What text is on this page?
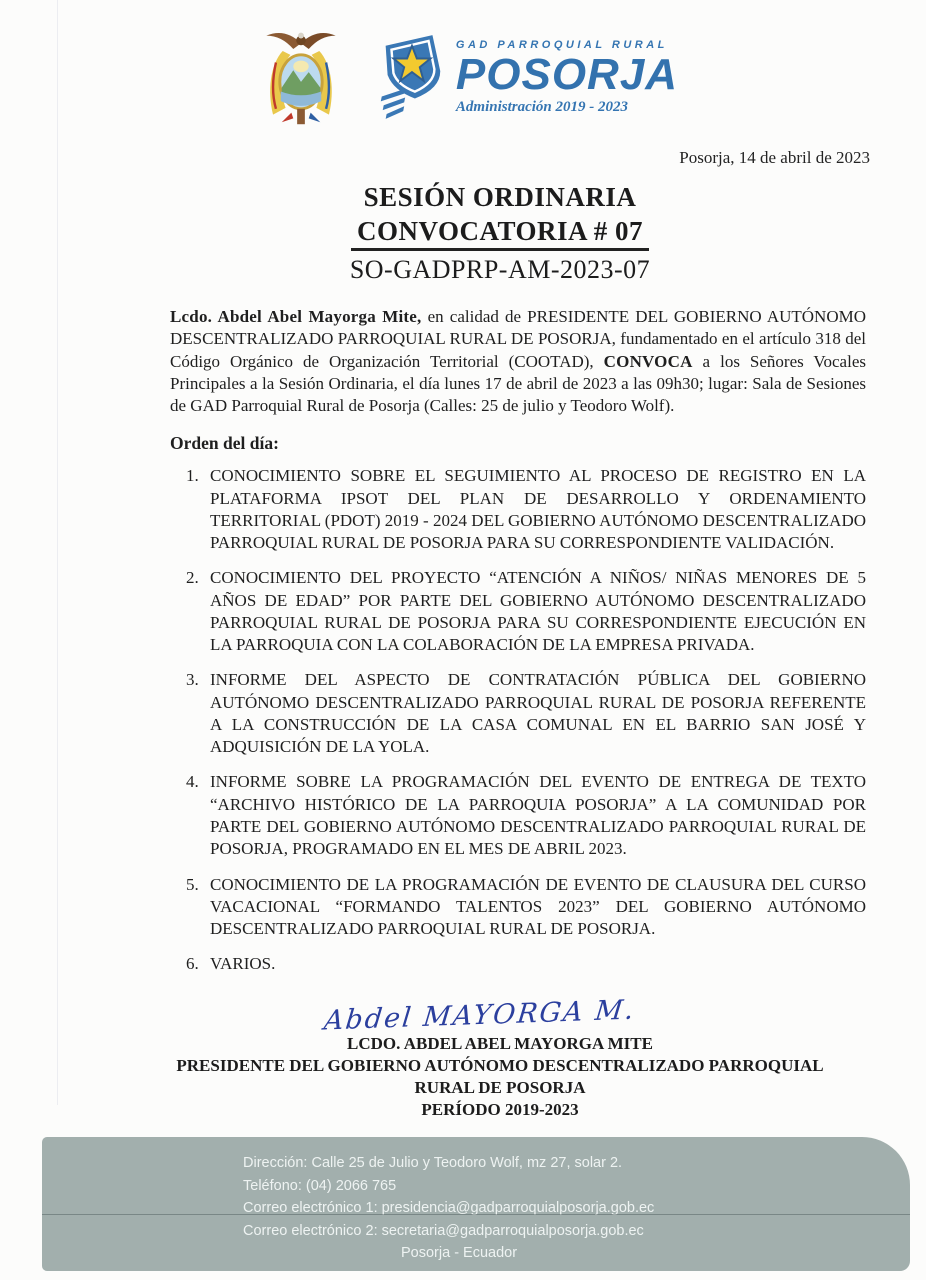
GAD PARROQUIAL RURAL
POSORJA
Administración 2019 - 2023
Posorja, 14 de abril de 2023
SESIÓN ORDINARIA
CONVOCATORIA # 07
SO-GADPRP-AM-2023-07

Lcdo. Abdel Abel Mayorga Mite, en calidad de PRESIDENTE DEL GOBIERNO AUTÓNOMO DESCENTRALIZADO PARROQUIAL RURAL DE POSORJA, fundamentado en el artículo 318 del Código Orgánico de Organización Territorial (COOTAD), CONVOCA a los Señores Vocales Principales a la Sesión Ordinaria, el día lunes 17 de abril de 2023 a las 09h30; lugar: Sala de Sesiones de GAD Parroquial Rural de Posorja (Calles: 25 de julio y Teodoro Wolf).

Orden del día:
1. CONOCIMIENTO SOBRE EL SEGUIMIENTO AL PROCESO DE REGISTRO EN LA PLATAFORMA IPSOT DEL PLAN DE DESARROLLO Y ORDENAMIENTO TERRITORIAL (PDOT) 2019 - 2024 DEL GOBIERNO AUTÓNOMO DESCENTRALIZADO PARROQUIAL RURAL DE POSORJA PARA SU CORRESPONDIENTE VALIDACIÓN.
2. CONOCIMIENTO DEL PROYECTO “ATENCIÓN A NIÑOS/ NIÑAS MENORES DE 5 AÑOS DE EDAD” POR PARTE DEL GOBIERNO AUTÓNOMO DESCENTRALIZADO PARROQUIAL RURAL DE POSORJA PARA SU CORRESPONDIENTE EJECUCIÓN EN LA PARROQUIA CON LA COLABORACIÓN DE LA EMPRESA PRIVADA.
3. INFORME DEL ASPECTO DE CONTRATACIÓN PÚBLICA DEL GOBIERNO AUTÓNOMO DESCENTRALIZADO PARROQUIAL RURAL DE POSORJA REFERENTE A LA CONSTRUCCIÓN DE LA CASA COMUNAL EN EL BARRIO SAN JOSÉ Y ADQUISICIÓN DE LA YOLA.
4. INFORME SOBRE LA PROGRAMACIÓN DEL EVENTO DE ENTREGA DE TEXTO “ARCHIVO HISTÓRICO DE LA PARROQUIA POSORJA” A LA COMUNIDAD POR PARTE DEL GOBIERNO AUTÓNOMO DESCENTRALIZADO PARROQUIAL RURAL DE POSORJA, PROGRAMADO EN EL MES DE ABRIL 2023.
5. CONOCIMIENTO DE LA PROGRAMACIÓN DE EVENTO DE CLAUSURA DEL CURSO VACACIONAL “FORMANDO TALENTOS 2023” DEL GOBIERNO AUTÓNOMO DESCENTRALIZADO PARROQUIAL RURAL DE POSORJA.
6. VARIOS.
Abdel MAYORGA M.
LCDO. ABDEL ABEL MAYORGA MITE
PRESIDENTE DEL GOBIERNO AUTÓNOMO DESCENTRALIZADO PARROQUIAL
RURAL DE POSORJA
PERÍODO 2019-2023
Dirección: Calle 25 de Julio y Teodoro Wolf, mz 27, solar 2.
Teléfono: (04) 2066 765
Correo electrónico 1: presidencia@gadparroquialposorja.gob.ec
Correo electrónico 2: secretaria@gadparroquialposorja.gob.ec
Posorja - Ecuador
